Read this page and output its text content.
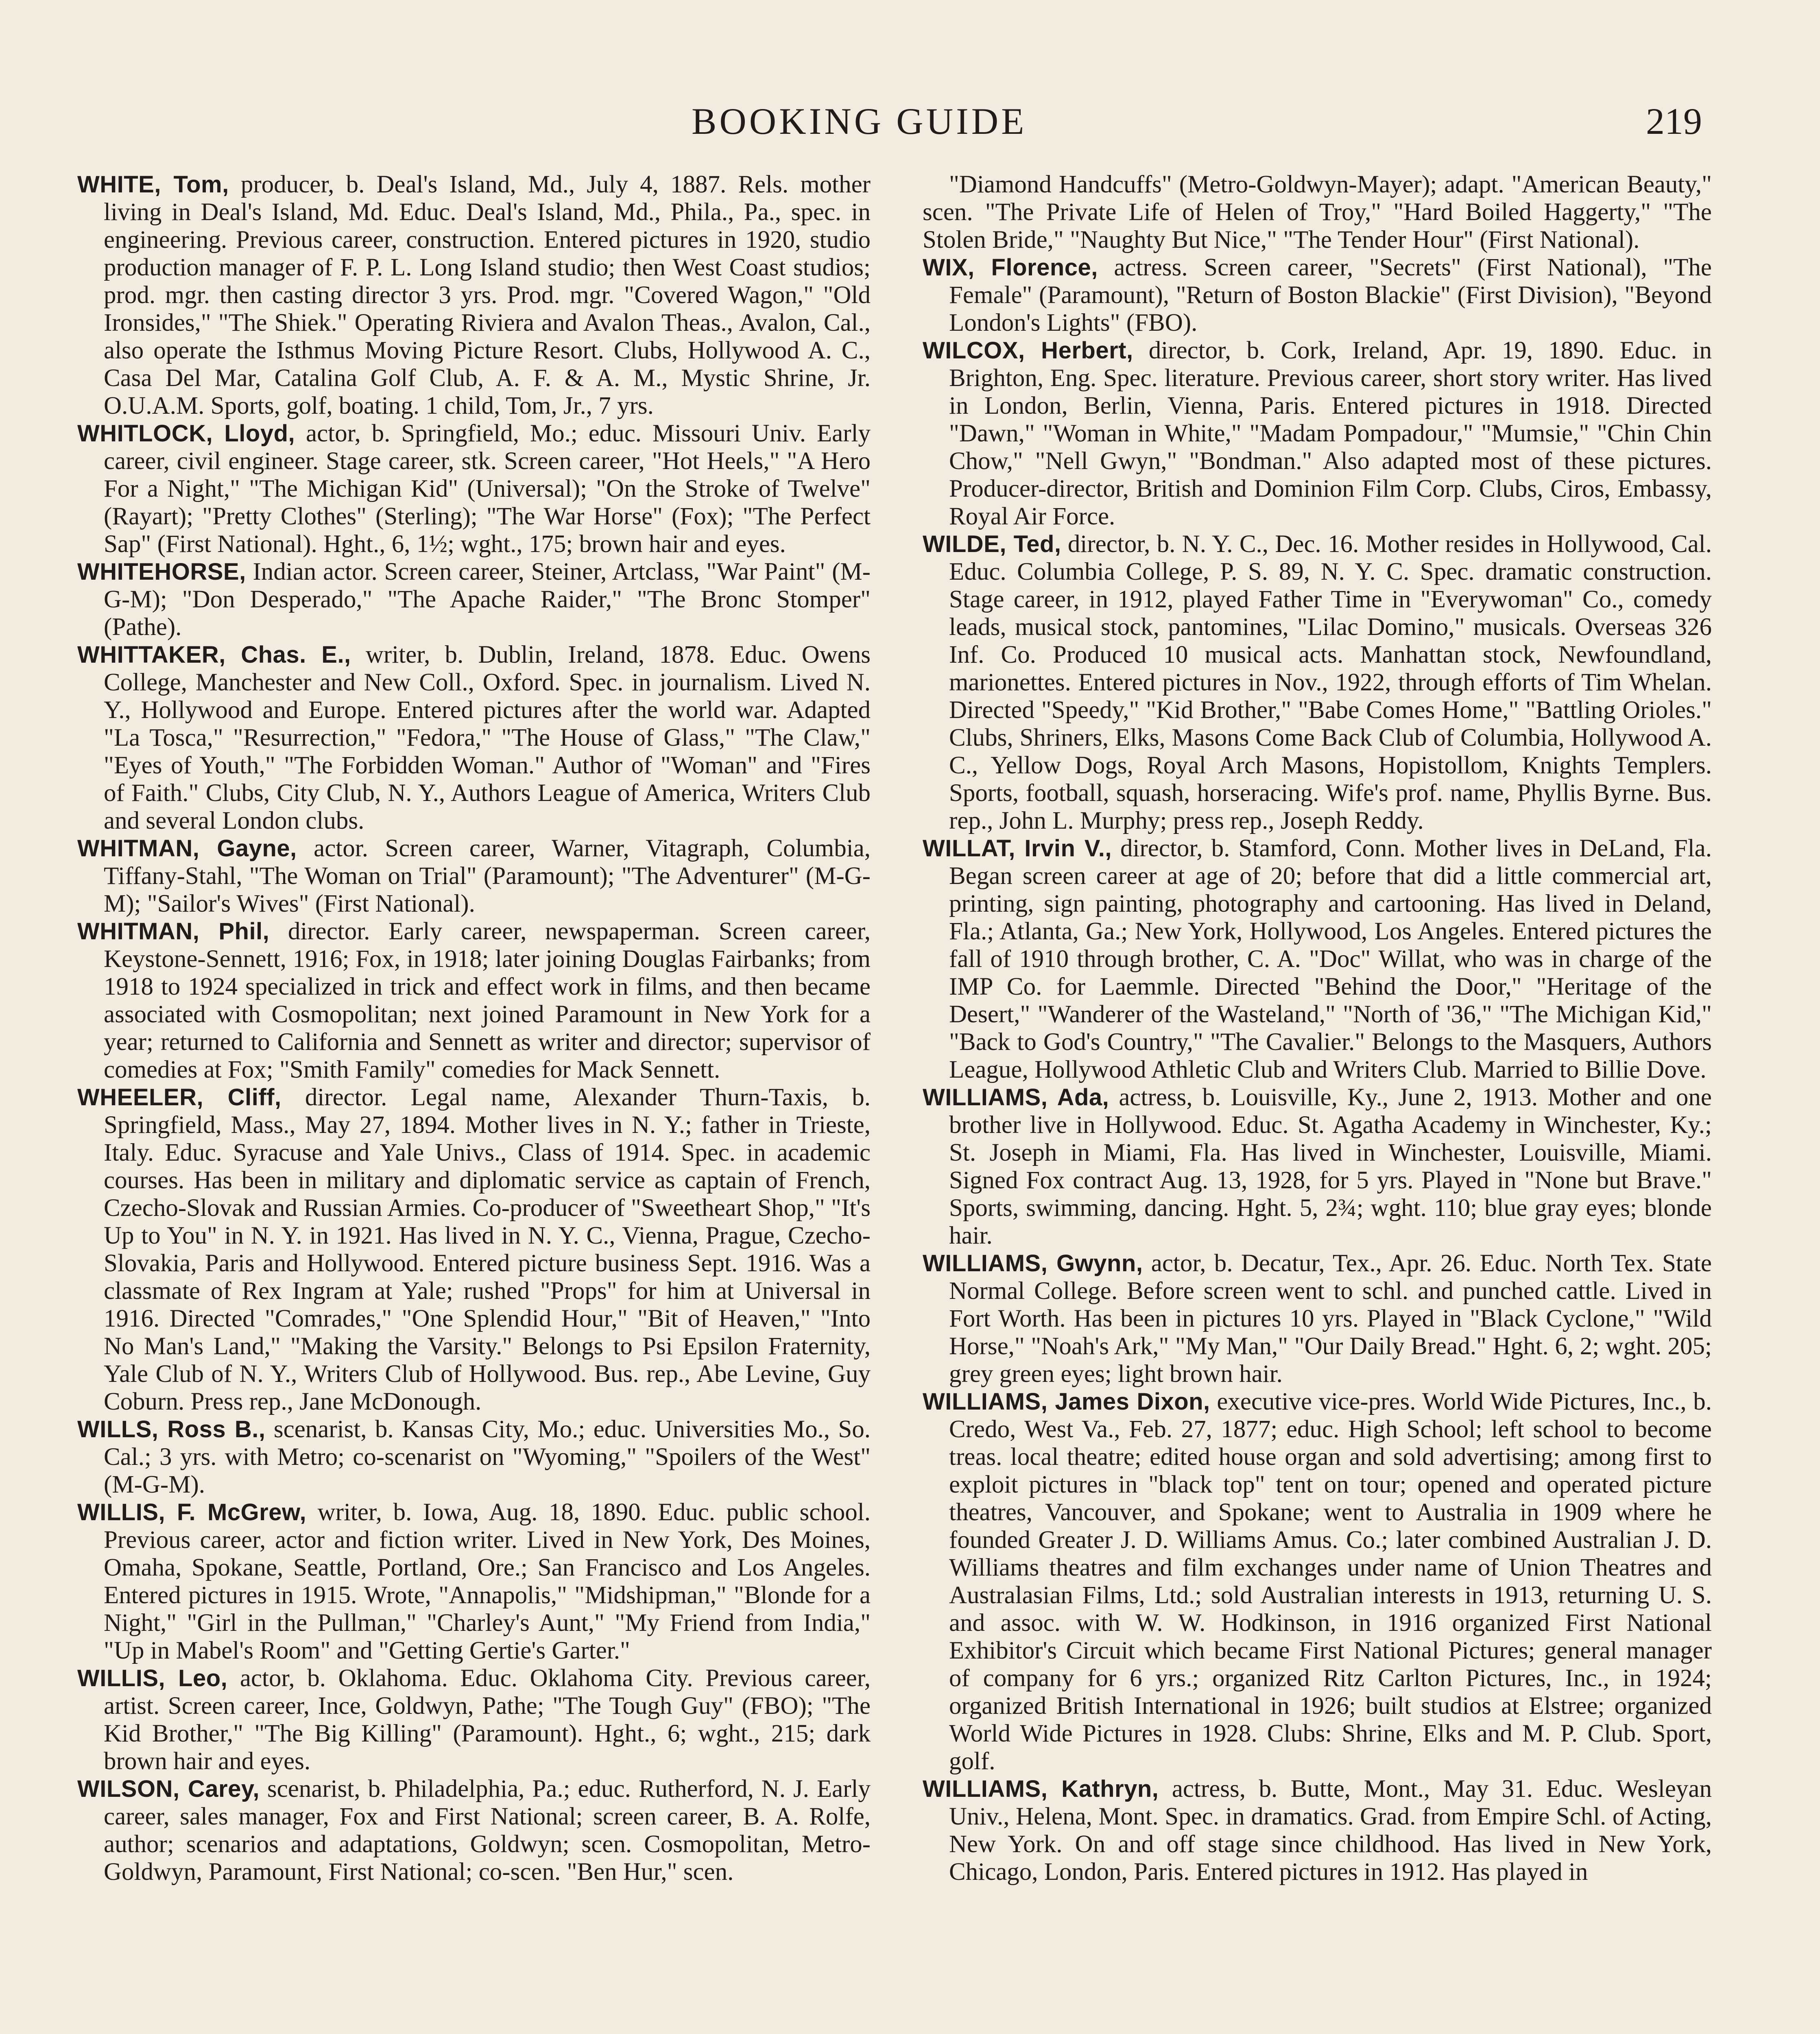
BOOKING GUIDE	219

WHITE, Tom, producer, b. Deal's Island, Md., July 4, 1887. Rels. mother living in Deal's Island, Md. Educ. Deal's Island, Md., Phila., Pa., spec. in engineering. Previous career, construction. Entered pictures in 1920, studio production manager of F. P. L. Long Island studio; then West Coast studios; prod. mgr. then casting director 3 yrs. Prod. mgr. "Covered Wagon," "Old Ironsides," "The Shiek." Operating Riviera and Avalon Theas., Avalon, Cal., also operate the Isthmus Moving Picture Resort. Clubs, Hollywood A. C., Casa Del Mar, Catalina Golf Club, A. F. & A. M., Mystic Shrine, Jr. O.U.A.M. Sports, golf, boating. 1 child, Tom, Jr., 7 yrs.

WHITLOCK, Lloyd, actor, b. Springfield, Mo.; educ. Missouri Univ. Early career, civil engineer. Stage career, stk. Screen career, "Hot Heels," "A Hero For a Night," "The Michigan Kid" (Universal); "On the Stroke of Twelve" (Rayart); "Pretty Clothes" (Sterling); "The War Horse" (Fox); "The Perfect Sap" (First National). Hght., 6, 1½; wght., 175; brown hair and eyes.

WHITEHORSE, Indian actor. Screen career, Steiner, Artclass, "War Paint" (M-G-M); "Don Desperado," "The Apache Raider," "The Bronc Stomper" (Pathe).

WHITTAKER, Chas. E., writer, b. Dublin, Ireland, 1878. Educ. Owens College, Manchester and New Coll., Oxford. Spec. in journalism. Lived N. Y., Hollywood and Europe. Entered pictures after the world war. Adapted "La Tosca," "Resurrection," "Fedora," "The House of Glass," "The Claw," "Eyes of Youth," "The Forbidden Woman." Author of "Woman" and "Fires of Faith." Clubs, City Club, N. Y., Authors League of America, Writers Club and several London clubs.

WHITMAN, Gayne, actor. Screen career, Warner, Vitagraph, Columbia, Tiffany-Stahl, "The Woman on Trial" (Paramount); "The Adventurer" (M-G-M); "Sailor's Wives" (First National).

WHITMAN, Phil, director. Early career, newspaperman. Screen career, Keystone-Sennett, 1916; Fox, in 1918; later joining Douglas Fairbanks; from 1918 to 1924 specialized in trick and effect work in films, and then became associated with Cosmopolitan; next joined Paramount in New York for a year; returned to California and Sennett as writer and director; supervisor of comedies at Fox; "Smith Family" comedies for Mack Sennett.

WHEELER, Cliff, director. Legal name, Alexander Thurn-Taxis, b. Springfield, Mass., May 27, 1894. Mother lives in N. Y.; father in Trieste, Italy. Educ. Syracuse and Yale Univs., Class of 1914. Spec. in academic courses. Has been in military and diplomatic service as captain of French, Czecho-Slovak and Russian Armies. Co-producer of "Sweetheart Shop," "It's Up to You" in N. Y. in 1921. Has lived in N. Y. C., Vienna, Prague, Czecho-Slovakia, Paris and Hollywood. Entered picture business Sept. 1916. Was a classmate of Rex Ingram at Yale; rushed "Props" for him at Universal in 1916. Directed "Comrades," "One Splendid Hour," "Bit of Heaven," "Into No Man's Land," "Making the Varsity." Belongs to Psi Epsilon Fraternity, Yale Club of N. Y., Writers Club of Hollywood. Bus. rep., Abe Levine, Guy Coburn. Press rep., Jane McDonough.

WILLS, Ross B., scenarist, b. Kansas City, Mo.; educ. Universities Mo., So. Cal.; 3 yrs. with Metro; co-scenarist on "Wyoming," "Spoilers of the West" (M-G-M).

WILLIS, F. McGrew, writer, b. Iowa, Aug. 18, 1890. Educ. public school. Previous career, actor and fiction writer. Lived in New York, Des Moines, Omaha, Spokane, Seattle, Portland, Ore.; San Francisco and Los Angeles. Entered pictures in 1915. Wrote, "Annapolis," "Midshipman," "Blonde for a Night," "Girl in the Pullman," "Charley's Aunt," "My Friend from India," "Up in Mabel's Room" and "Getting Gertie's Garter."

WILLIS, Leo, actor, b. Oklahoma. Educ. Oklahoma City. Previous career, artist. Screen career, Ince, Goldwyn, Pathe; "The Tough Guy" (FBO); "The Kid Brother," "The Big Killing" (Paramount). Hght., 6; wght., 215; dark brown hair and eyes.

WILSON, Carey, scenarist, b. Philadelphia, Pa.; educ. Rutherford, N. J. Early career, sales manager, Fox and First National; screen career, B. A. Rolfe, author; scenarios and adaptations, Goldwyn; scen. Cosmopolitan, Metro-Goldwyn, Paramount, First National; co-scen. "Ben Hur," scen.

"Diamond Handcuffs" (Metro-Goldwyn-Mayer); adapt. "American Beauty," scen. "The Private Life of Helen of Troy," "Hard Boiled Haggerty," "The Stolen Bride," "Naughty But Nice," "The Tender Hour" (First National).

WIX, Florence, actress. Screen career, "Secrets" (First National), "The Female" (Paramount), "Return of Boston Blackie" (First Division), "Beyond London's Lights" (FBO).

WILCOX, Herbert, director, b. Cork, Ireland, Apr. 19, 1890. Educ. in Brighton, Eng. Spec. literature. Previous career, short story writer. Has lived in London, Berlin, Vienna, Paris. Entered pictures in 1918. Directed "Dawn," "Woman in White," "Madam Pompadour," "Mumsie," "Chin Chin Chow," "Nell Gwyn," "Bondman." Also adapted most of these pictures. Producer-director, British and Dominion Film Corp. Clubs, Ciros, Embassy, Royal Air Force.

WILDE, Ted, director, b. N. Y. C., Dec. 16. Mother resides in Hollywood, Cal. Educ. Columbia College, P. S. 89, N. Y. C. Spec. dramatic construction. Stage career, in 1912, played Father Time in "Everywoman" Co., comedy leads, musical stock, pantomines, "Lilac Domino," musicals. Overseas 326 Inf. Co. Produced 10 musical acts. Manhattan stock, Newfoundland, marionettes. Entered pictures in Nov., 1922, through efforts of Tim Whelan. Directed "Speedy," "Kid Brother," "Babe Comes Home," "Battling Orioles." Clubs, Shriners, Elks, Masons Come Back Club of Columbia, Hollywood A. C., Yellow Dogs, Royal Arch Masons, Hopistollom, Knights Templers. Sports, football, squash, horseracing. Wife's prof. name, Phyllis Byrne. Bus. rep., John L. Murphy; press rep., Joseph Reddy.

WILLAT, Irvin V., director, b. Stamford, Conn. Mother lives in DeLand, Fla. Began screen career at age of 20; before that did a little commercial art, printing, sign painting, photography and cartooning. Has lived in Deland, Fla.; Atlanta, Ga.; New York, Hollywood, Los Angeles. Entered pictures the fall of 1910 through brother, C. A. "Doc" Willat, who was in charge of the IMP Co. for Laemmle. Directed "Behind the Door," "Heritage of the Desert," "Wanderer of the Wasteland," "North of '36," "The Michigan Kid," "Back to God's Country," "The Cavalier." Belongs to the Masquers, Authors League, Hollywood Athletic Club and Writers Club. Married to Billie Dove.

WILLIAMS, Ada, actress, b. Louisville, Ky., June 2, 1913. Mother and one brother live in Hollywood. Educ. St. Agatha Academy in Winchester, Ky.; St. Joseph in Miami, Fla. Has lived in Winchester, Louisville, Miami. Signed Fox contract Aug. 13, 1928, for 5 yrs. Played in "None but Brave." Sports, swimming, dancing. Hght. 5, 2¾; wght. 110; blue gray eyes; blonde hair.

WILLIAMS, Gwynn, actor, b. Decatur, Tex., Apr. 26. Educ. North Tex. State Normal College. Before screen went to schl. and punched cattle. Lived in Fort Worth. Has been in pictures 10 yrs. Played in "Black Cyclone," "Wild Horse," "Noah's Ark," "My Man," "Our Daily Bread." Hght. 6, 2; wght. 205; grey green eyes; light brown hair.

WILLIAMS, James Dixon, executive vice-pres. World Wide Pictures, Inc., b. Credo, West Va., Feb. 27, 1877; educ. High School; left school to become treas. local theatre; edited house organ and sold advertising; among first to exploit pictures in "black top" tent on tour; opened and operated picture theatres, Vancouver, and Spokane; went to Australia in 1909 where he founded Greater J. D. Williams Amus. Co.; later combined Australian J. D. Williams theatres and film exchanges under name of Union Theatres and Australasian Films, Ltd.; sold Australian interests in 1913, returning U. S. and assoc. with W. W. Hodkinson, in 1916 organized First National Exhibitor's Circuit which became First National Pictures; general manager of company for 6 yrs.; organized Ritz Carlton Pictures, Inc., in 1924; organized British International in 1926; built studios at Elstree; organized World Wide Pictures in 1928. Clubs: Shrine, Elks and M. P. Club. Sport, golf.

WILLIAMS, Kathryn, actress, b. Butte, Mont., May 31. Educ. Wesleyan Univ., Helena, Mont. Spec. in dramatics. Grad. from Empire Schl. of Acting, New York. On and off stage since childhood. Has lived in New York, Chicago, London, Paris. Entered pictures in 1912. Has played in
